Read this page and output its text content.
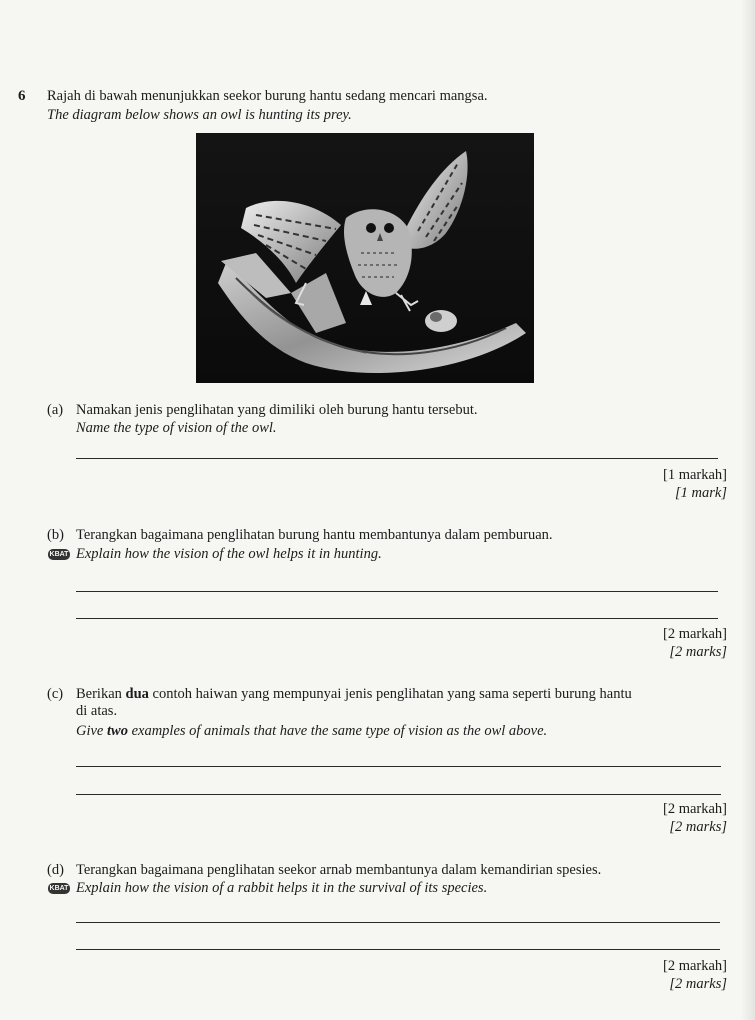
6 Rajah di bawah menunjukkan seekor burung hantu sedang mencari mangsa.
The diagram below shows an owl is hunting its prey.
(a) Namakan jenis penglihatan yang dimiliki oleh burung hantu tersebut.
Name the type of vision of the owl.
[1 markah]
[1 mark]
(b) Terangkan bagaimana penglihatan burung hantu membantunya dalam pemburuan.
KBAT Explain how the vision of the owl helps it in hunting.
[2 markah]
[2 marks]
(c) Berikan dua contoh haiwan yang mempunyai jenis penglihatan yang sama seperti burung hantu
di atas.
Give two examples of animals that have the same type of vision as the owl above.
[2 markah]
[2 marks]
(d) Terangkan bagaimana penglihatan seekor arnab membantunya dalam kemandirian spesies.
KBAT Explain how the vision of a rabbit helps it in the survival of its species.
[2 markah]
[2 marks]
